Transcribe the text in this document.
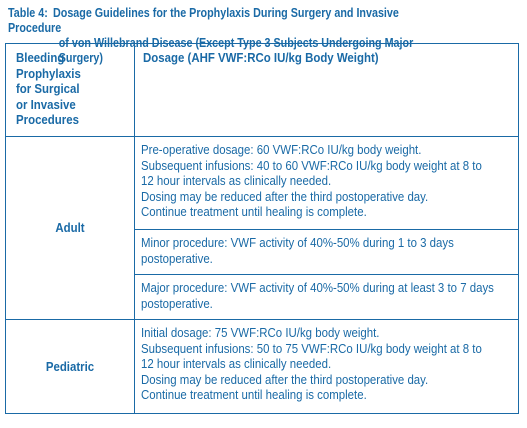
Table 4: Dosage Guidelines for the Prophylaxis During Surgery and Invasive Procedure
of von Willebrand Disease (Except Type 3 Subjects Undergoing Major Surgery)
Bleeding
Prophylaxis
for Surgical
or Invasive
Procedures	Dosage (AHF VWF:RCo IU/kg Body Weight)

Adult	Pre-operative dosage: 60 VWF:RCo IU/kg body weight.
Subsequent infusions: 40 to 60 VWF:RCo IU/kg body weight at 8 to
12 hour intervals as clinically needed.
Dosing may be reduced after the third postoperative day.
Continue treatment until healing is complete.

	Minor procedure: VWF activity of 40%-50% during 1 to 3 days
postoperative.

	Major procedure: VWF activity of 40%-50% during at least 3 to 7 days
postoperative.

Pediatric	Initial dosage: 75 VWF:RCo IU/kg body weight.
Subsequent infusions: 50 to 75 VWF:RCo IU/kg body weight at 8 to
12 hour intervals as clinically needed.
Dosing may be reduced after the third postoperative day.
Continue treatment until healing is complete.
